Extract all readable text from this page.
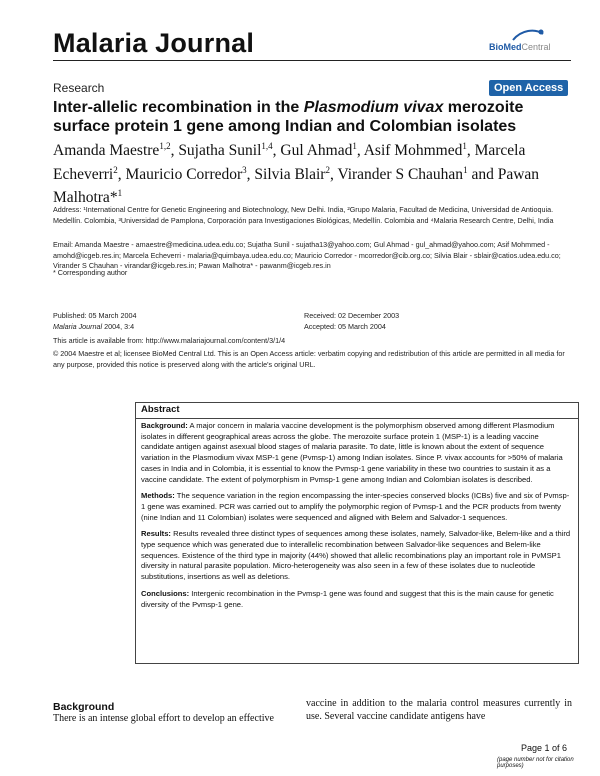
Malaria Journal	BioMedCentral
Research	Open Access
Inter-allelic recombination in the Plasmodium vivax merozoite surface protein 1 gene among Indian and Colombian isolates
Amanda Maestre$^{1,2}$, Sujatha Sunil$^{1,4}$, Gul Ahmad$^1$, Asif Mohmmed$^1$, Marcela Echeverri$^2$, Mauricio Corredor$^3$, Silvia Blair$^2$, Virander S Chauhan$^1$ and Pawan Malhotra*$^1$
Address: ¹International Centre for Genetic Engineering and Biotechnology, New Delhi. India, ²Grupo Malaria, Facultad de Medicina, Universidad de Antioquia. Medellín. Colombia, ³Universidad de Pamplona, Corporación para Investigaciones Biológicas, Medellín. Colombia and ⁴Malaria Research Centre, Delhi, India
Email: Amanda Maestre - amaestre@medicina.udea.edu.co; Sujatha Sunil - sujatha13@yahoo.com; Gul Ahmad - gul_ahmad@yahoo.com; Asif Mohmmed - amohd@icgeb.res.in; Marcela Echeverri - malaria@quimbaya.udea.edu.co; Mauricio Corredor - mcorredor@cib.org.co; Silvia Blair - sblair@catios.udea.edu.co; Virander S Chauhan - virandar@icgeb.res.in; Pawan Malhotra* - pawanm@icgeb.res.in
* Corresponding author
Published: 05 March 2004
Malaria Journal 2004, 3:4
Received: 02 December 2003
Accepted: 05 March 2004
This article is available from: http://www.malariajournal.com/content/3/1/4
© 2004 Maestre et al; licensee BioMed Central Ltd. This is an Open Access article: verbatim copying and redistribution of this article are permitted in all media for any purpose, provided this notice is preserved along with the article's original URL.
Abstract

Background: A major concern in malaria vaccine development is the polymorphism observed among different Plasmodium isolates in different geographical areas across the globe. The merozoite surface protein 1 (MSP-1) is a leading vaccine candidate antigen against asexual blood stages of malaria parasite. To date, little is known about the extent of sequence variation in the Plasmodium vivax MSP-1 gene (Pvmsp-1) among Indian isolates. Since P. vivax accounts for >50% of malaria cases in India and in Colombia, it is essential to know the Pvmsp-1 gene variability in these two countries to sustain it as a vaccine candidate. The extent of polymorphism in Pvmsp-1 gene among Indian and Colombian isolates is described.

Methods: The sequence variation in the region encompassing the inter-species conserved blocks (ICBs) five and six of Pvmsp-1 gene was examined. PCR was carried out to amplify the polymorphic region of Pvmsp-1 and the PCR products from twenty (nine Indian and 11 Colombian) isolates were sequenced and aligned with Belem and Salvador-1 sequences.

Results: Results revealed three distinct types of sequences among these isolates, namely, Salvador-like, Belem-like and a third type sequence which was generated due to interallelic recombination between Salvador-like sequences and Belem-like sequences. Existence of the third type in majority (44%) showed that allelic recombinations play an important role in PvMSP1 diversity in natural parasite population. Micro-heterogeneity was also seen in a few of these isolates due to nucleotide substitutions, insertions as well as deletions.

Conclusions: Intergenic recombination in the Pvmsp-1 gene was found and suggest that this is the main cause for genetic diversity of the Pvmsp-1 gene.

Background
There is an intense global effort to develop an effective
vaccine in addition to the malaria control measures currently in use. Several vaccine candidate antigens have
Page 1 of 6
(page number not for citation purposes)
